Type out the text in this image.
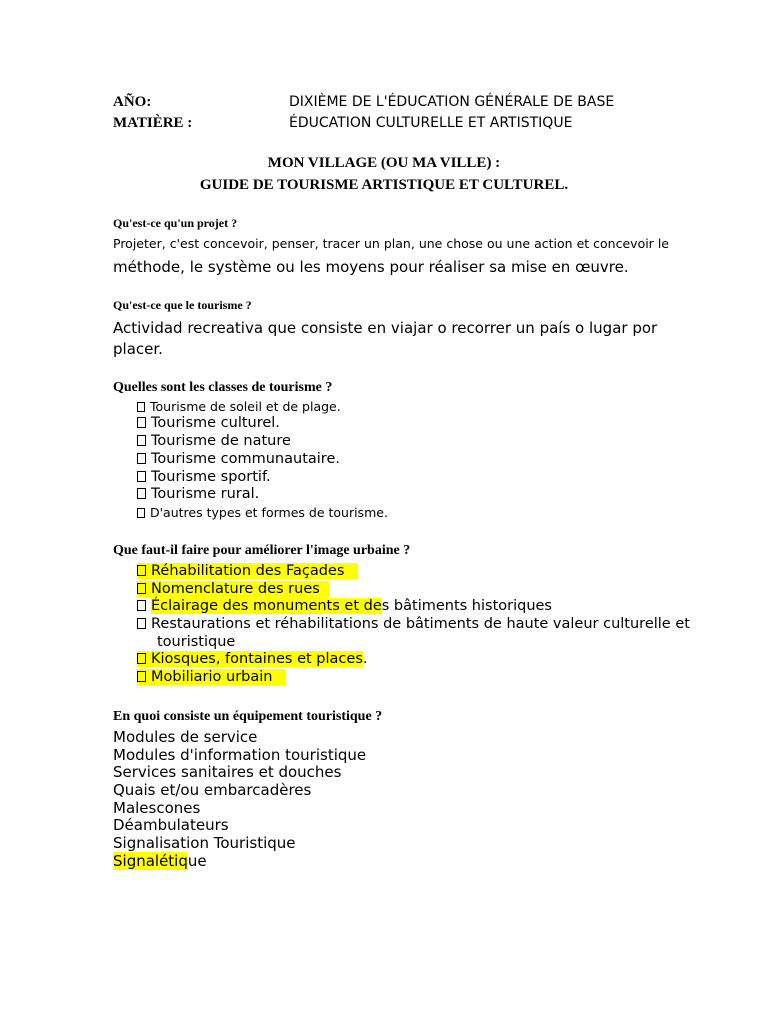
AÑO:	DIXIÈME DE L'ÉDUCATION GÉNÉRALE DE BASE
MATIÈRE :	ÉDUCATION CULTURELLE ET ARTISTIQUE
MON VILLAGE (OU MA VILLE) :
GUIDE DE TOURISME ARTISTIQUE ET CULTUREL.
Qu'est-ce qu'un projet ?
Projeter, c'est concevoir, penser, tracer un plan, une chose ou une action et concevoir le
méthode, le système ou les moyens pour réaliser sa mise en œuvre.
Qu'est-ce que le tourisme ?
Actividad recreativa que consiste en viajar o recorrer un país o lugar por
placer.
Quelles sont les classes de tourisme ?
Tourisme de soleil et de plage.
Tourisme culturel.
Tourisme de nature
Tourisme communautaire.
Tourisme sportif.
Tourisme rural.
D'autres types et formes de tourisme.
Que faut-il faire pour améliorer l'image urbaine ?
Réhabilitation des Façades
Nomenclature des rues
Éclairage des monuments et des bâtiments historiques
Restaurations et réhabilitations de bâtiments de haute valeur culturelle et
touristique
Kiosques, fontaines et places.
Mobiliario urbain
En quoi consiste un équipement touristique ?
Modules de service
Modules d'information touristique
Services sanitaires et douches
Quais et/ou embarcadères
Malescones
Déambulateurs
Signalisation Touristique
Signalétique
